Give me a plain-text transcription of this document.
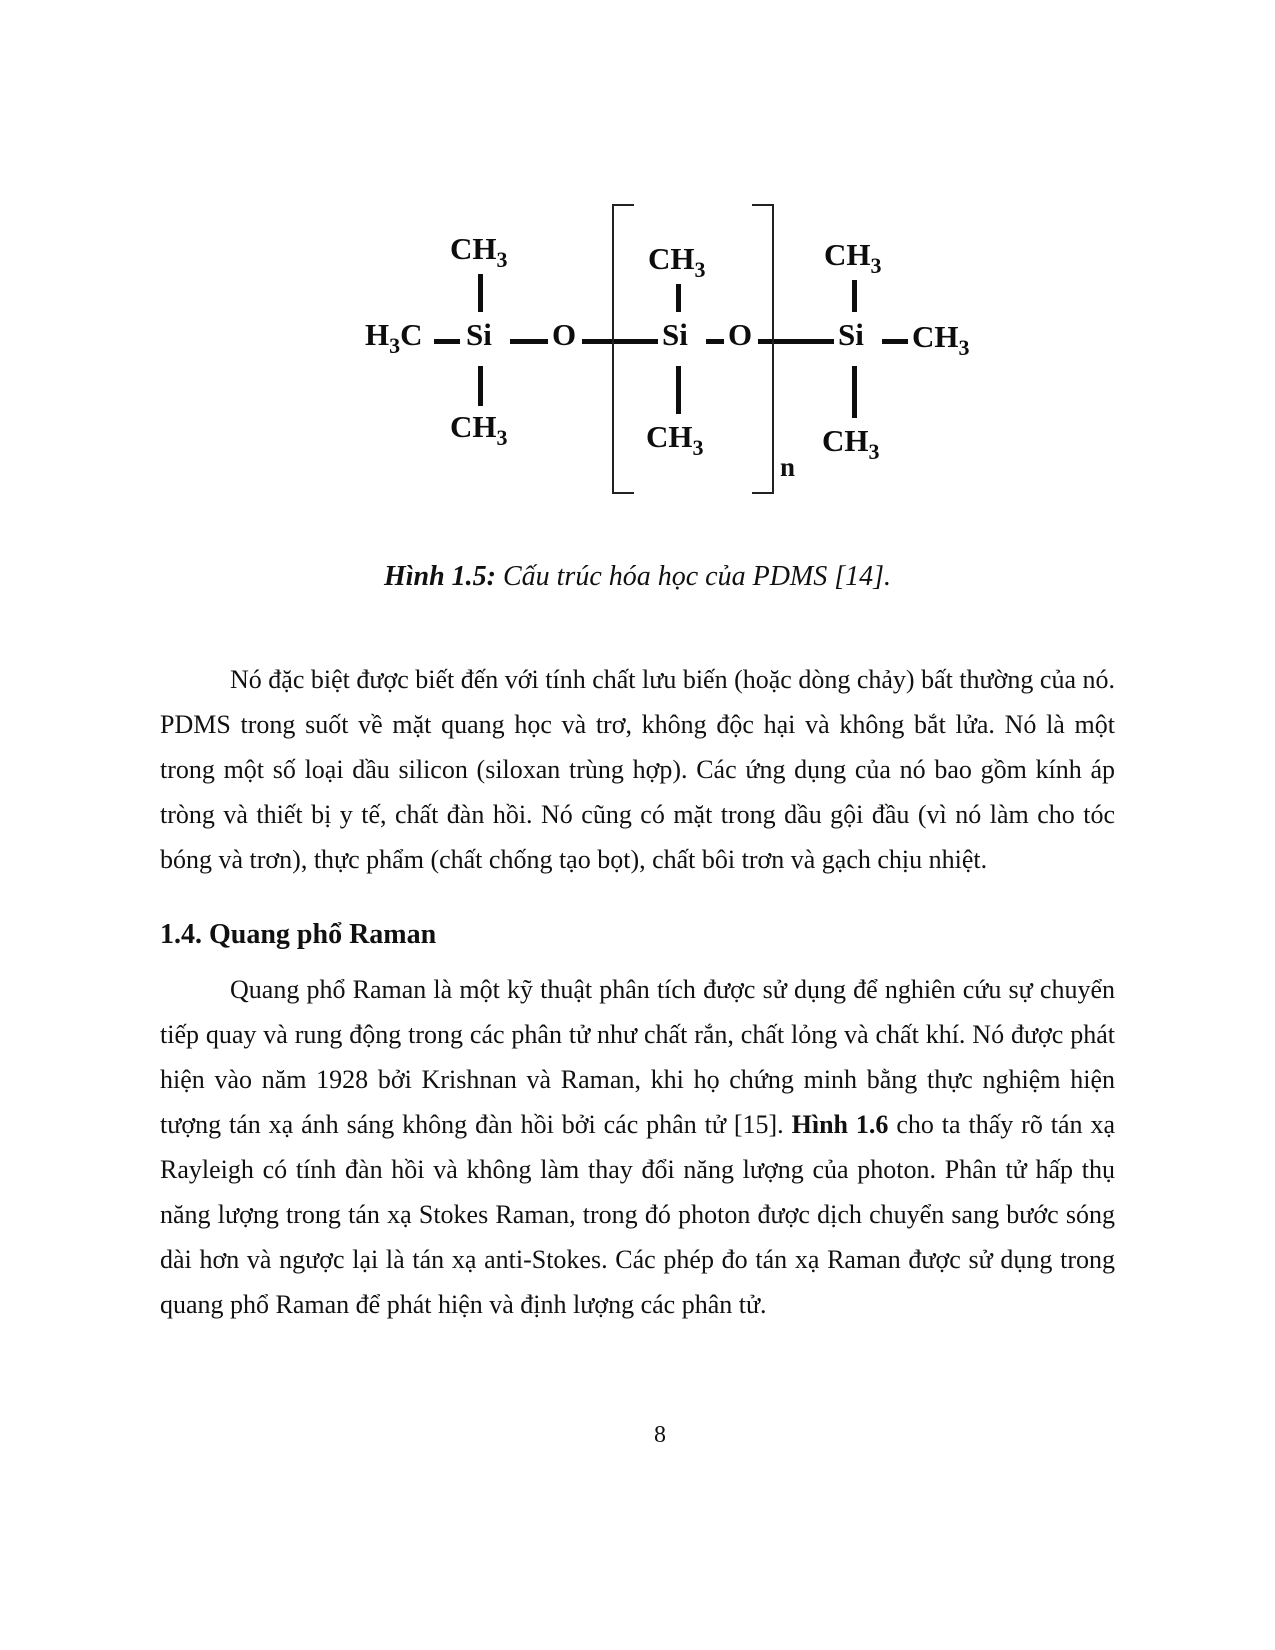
$H_3C$ Si O
$CH_3$
$CH_3$
Si O
$CH_3$
$CH_3$
n
Si $CH_3$
$CH_3$
$CH_3$
Hình 1.5: Cấu trúc hóa học của PDMS [14].

Nó đặc biệt được biết đến với tính chất lưu biến (hoặc dòng chảy) bất thường của nó. PDMS trong suốt về mặt quang học và trơ, không độc hại và không bắt lửa. Nó là một trong một số loại dầu silicon (siloxan trùng hợp). Các ứng dụng của nó bao gồm kính áp tròng và thiết bị y tế, chất đàn hồi. Nó cũng có mặt trong dầu gội đầu (vì nó làm cho tóc bóng và trơn), thực phẩm (chất chống tạo bọt), chất bôi trơn và gạch chịu nhiệt.

1.4. Quang phổ Raman

Quang phổ Raman là một kỹ thuật phân tích được sử dụng để nghiên cứu sự chuyển tiếp quay và rung động trong các phân tử như chất rắn, chất lỏng và chất khí. Nó được phát hiện vào năm 1928 bởi Krishnan và Raman, khi họ chứng minh bằng thực nghiệm hiện tượng tán xạ ánh sáng không đàn hồi bởi các phân tử [15]. Hình 1.6 cho ta thấy rõ tán xạ Rayleigh có tính đàn hồi và không làm thay đổi năng lượng của photon. Phân tử hấp thụ năng lượng trong tán xạ Stokes Raman, trong đó photon được dịch chuyển sang bước sóng dài hơn và ngược lại là tán xạ anti-Stokes. Các phép đo tán xạ Raman được sử dụng trong quang phổ Raman để phát hiện và định lượng các phân tử.

8
